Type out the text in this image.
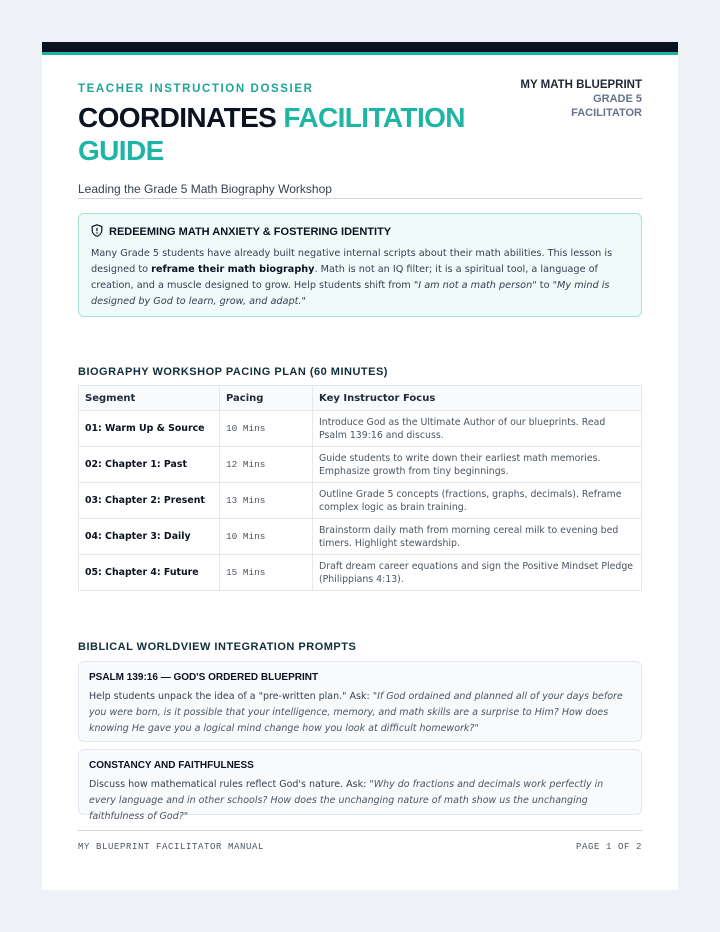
TEACHER INSTRUCTION DOSSIER
COORDINATES FACILITATION GUIDE
Leading the Grade 5 Math Biography Workshop
MY MATH BLUEPRINT
GRADE 5
FACILITATOR
REDEEMING MATH ANXIETY & FOSTERING IDENTITY
Many Grade 5 students have already built negative internal scripts about their math abilities. This lesson is designed to reframe their math biography. Math is not an IQ filter; it is a spiritual tool, a language of creation, and a muscle designed to grow. Help students shift from "I am not a math person" to "My mind is designed by God to learn, grow, and adapt."
BIOGRAPHY WORKSHOP PACING PLAN (60 MINUTES)
Segment	Pacing	Key Instructor Focus
01: Warm Up & Source	10 Mins	Introduce God as the Ultimate Author of our blueprints. Read Psalm 139:16 and discuss.
02: Chapter 1: Past	12 Mins	Guide students to write down their earliest math memories. Emphasize growth from tiny beginnings.
03: Chapter 2: Present	13 Mins	Outline Grade 5 concepts (fractions, graphs, decimals). Reframe complex logic as brain training.
04: Chapter 3: Daily	10 Mins	Brainstorm daily math from morning cereal milk to evening bed timers. Highlight stewardship.
05: Chapter 4: Future	15 Mins	Draft dream career equations and sign the Positive Mindset Pledge (Philippians 4:13).
BIBLICAL WORLDVIEW INTEGRATION PROMPTS
PSALM 139:16 — GOD'S ORDERED BLUEPRINT
Help students unpack the idea of a "pre-written plan." Ask: "If God ordained and planned all of your days before you were born, is it possible that your intelligence, memory, and math skills are a surprise to Him? How does knowing He gave you a logical mind change how you look at difficult homework?"
CONSTANCY AND FAITHFULNESS
Discuss how mathematical rules reflect God's nature. Ask: "Why do fractions and decimals work perfectly in every language and in other schools? How does the unchanging nature of math show us the unchanging faithfulness of God?"
MY BLUEPRINT FACILITATOR MANUAL	PAGE 1 OF 2
